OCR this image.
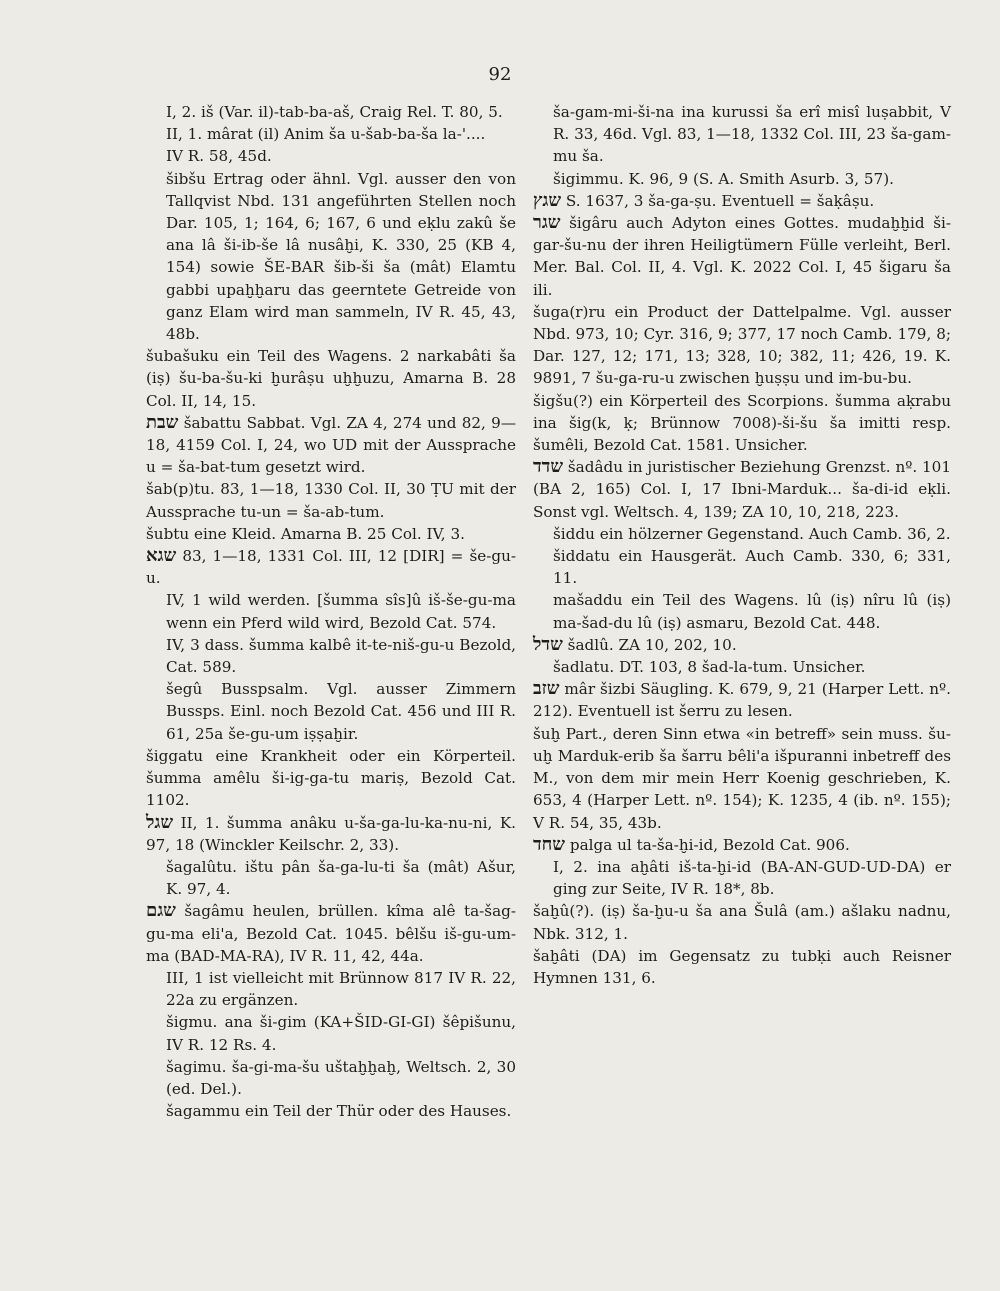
92

I, 2. iš (Var. il)-tab-ba-aš, Craig Rel. T. 80, 5.

II, 1. mârat (il) Anim ša u-šab-ba-ša la-'....

IV R. 58, 45d.

šibšu Ertrag oder ähnl. Vgl. ausser den von Tallqvist Nbd. 131 angeführten Stellen noch Dar. 105, 1; 164, 6; 167, 6 und eḳlu zakû še ana lâ ši-ib-še lâ nusâḫi, K. 330, 25 (KB 4, 154) sowie ŠE-BAR šib-ši ša (mât) Elamtu gabbi upaḫḫaru das geerntete Getreide von ganz Elam wird man sammeln, IV R. 45, 43, 48b.

šubašuku ein Teil des Wagens. 2 narkabâti ša (iṣ) šu-ba-šu-ki ḫurâṣu uḫḫuzu, Amarna B. 28 Col. II, 14, 15.

שבת šabattu Sabbat. Vgl. ZA 4, 274 und 82, 9—18, 4159 Col. I, 24, wo UD mit der Aussprache u = ša-bat-tum gesetzt wird.

šab(p)tu. 83, 1—18, 1330 Col. II, 30 ṬU mit der Aussprache tu-un = ša-ab-tum.

šubtu eine Kleid. Amarna B. 25 Col. IV, 3.

שגא 83, 1—18, 1331 Col. III, 12 [DIR] = še-gu-u.

IV, 1 wild werden. [šumma sîs]û iš-še-gu-ma wenn ein Pferd wild wird, Bezold Cat. 574.

IV, 3 dass. šumma kalbê it-te-niš-gu-u Bezold, Cat. 589.

šegû Busspsalm. Vgl. ausser Zimmern Bussps. Einl. noch Bezold Cat. 456 und III R. 61, 25a še-gu-um iṣṣaḫir.

šiggatu eine Krankheit oder ein Körperteil. šumma amêlu ši-ig-ga-tu mariṣ, Bezold Cat. 1102.

שגל II, 1. šumma anâku u-ša-ga-lu-ka-nu-ni, K. 97, 18 (Winckler Keilschr. 2, 33).

šagalûtu. ištu pân ša-ga-lu-ti ša (mât) Ašur, K. 97, 4.

שגם šagâmu heulen, brüllen. kîma alê ta-šag-gu-ma eli'a, Bezold Cat. 1045. bêlšu iš-gu-um-ma (BAD-MA-RA), IV R. 11, 42, 44a.

III, 1 ist vielleicht mit Brünnow 817 IV R. 22, 22a zu ergänzen.

šigmu. ana ši-gim (KA+ŠID-GI-GI) šêpišunu, IV R. 12 Rs. 4.

šagimu. ša-gi-ma-šu uštaḫḫaḫ, Weltsch. 2, 30 (ed. Del.).

šagammu ein Teil der Thür oder des Hauses.

ša-gam-mi-ši-na ina kurussi ša erî misî luṣabbit, V R. 33, 46d. Vgl. 83, 1—18, 1332 Col. III, 23 ša-gam-mu ša.

šigimmu. K. 96, 9 (S. A. Smith Asurb. 3, 57).

שגץ S. 1637, 3 ša-ga-ṣu. Eventuell = šaḳâṣu.

שגר šigâru auch Adyton eines Gottes. mudaḫḫid ši-gar-šu-nu der ihren Heiligtümern Fülle verleiht, Berl. Mer. Bal. Col. II, 4. Vgl. K. 2022 Col. I, 45 šigaru ša ili.

šuga(r)ru ein Product der Dattelpalme. Vgl. ausser Nbd. 973, 10; Cyr. 316, 9; 377, 17 noch Camb. 179, 8; Dar. 127, 12; 171, 13; 328, 10; 382, 11; 426, 19. K. 9891, 7 šu-ga-ru-u zwischen ḫuṣṣu und im-bu-bu.

šigšu(?) ein Körperteil des Scorpions. šumma aḳrabu ina šig(k, ḳ; Brünnow 7008)-ši-šu ša imitti resp. šumêli, Bezold Cat. 1581. Unsicher.

שדד šadâdu in juristischer Beziehung Grenzst. nº. 101 (BA 2, 165) Col. I, 17 Ibni-Marduk... ša-di-id eḳli. Sonst vgl. Weltsch. 4, 139; ZA 10, 10, 218, 223.

šiddu ein hölzerner Gegenstand. Auch Camb. 36, 2.

šiddatu ein Hausgerät. Auch Camb. 330, 6; 331, 11.

mašaddu ein Teil des Wagens. lû (iṣ) nîru lû (iṣ) ma-šad-du lû (iṣ) asmaru, Bezold Cat. 448.

שדל šadlû. ZA 10, 202, 10.

šadlatu. DT. 103, 8 šad-la-tum. Unsicher.

שזב mâr šizbi Säugling. K. 679, 9, 21 (Harper Lett. nº. 212). Eventuell ist šerru zu lesen.

šuḫ Part., deren Sinn etwa «in betreff» sein muss. šu-uḫ Marduk-erib ša šarru bêli'a išpuranni inbetreff des M., von dem mir mein Herr Koenig geschrieben, K. 653, 4 (Harper Lett. nº. 154); K. 1235, 4 (ib. nº. 155); V R. 54, 35, 43b.

שחד palga ul ta-ša-ḫi-id, Bezold Cat. 906.

I, 2. ina aḫâti iš-ta-ḫi-id (BA-AN-GUD-UD-DA) er ging zur Seite, IV R. 18*, 8b.

šaḫû(?). (iṣ) ša-ḫu-u ša ana Šulâ (am.) ašlaku nadnu, Nbk. 312, 1.

šaḫâti (DA) im Gegensatz zu tubḳi auch Reisner Hymnen 131, 6.
